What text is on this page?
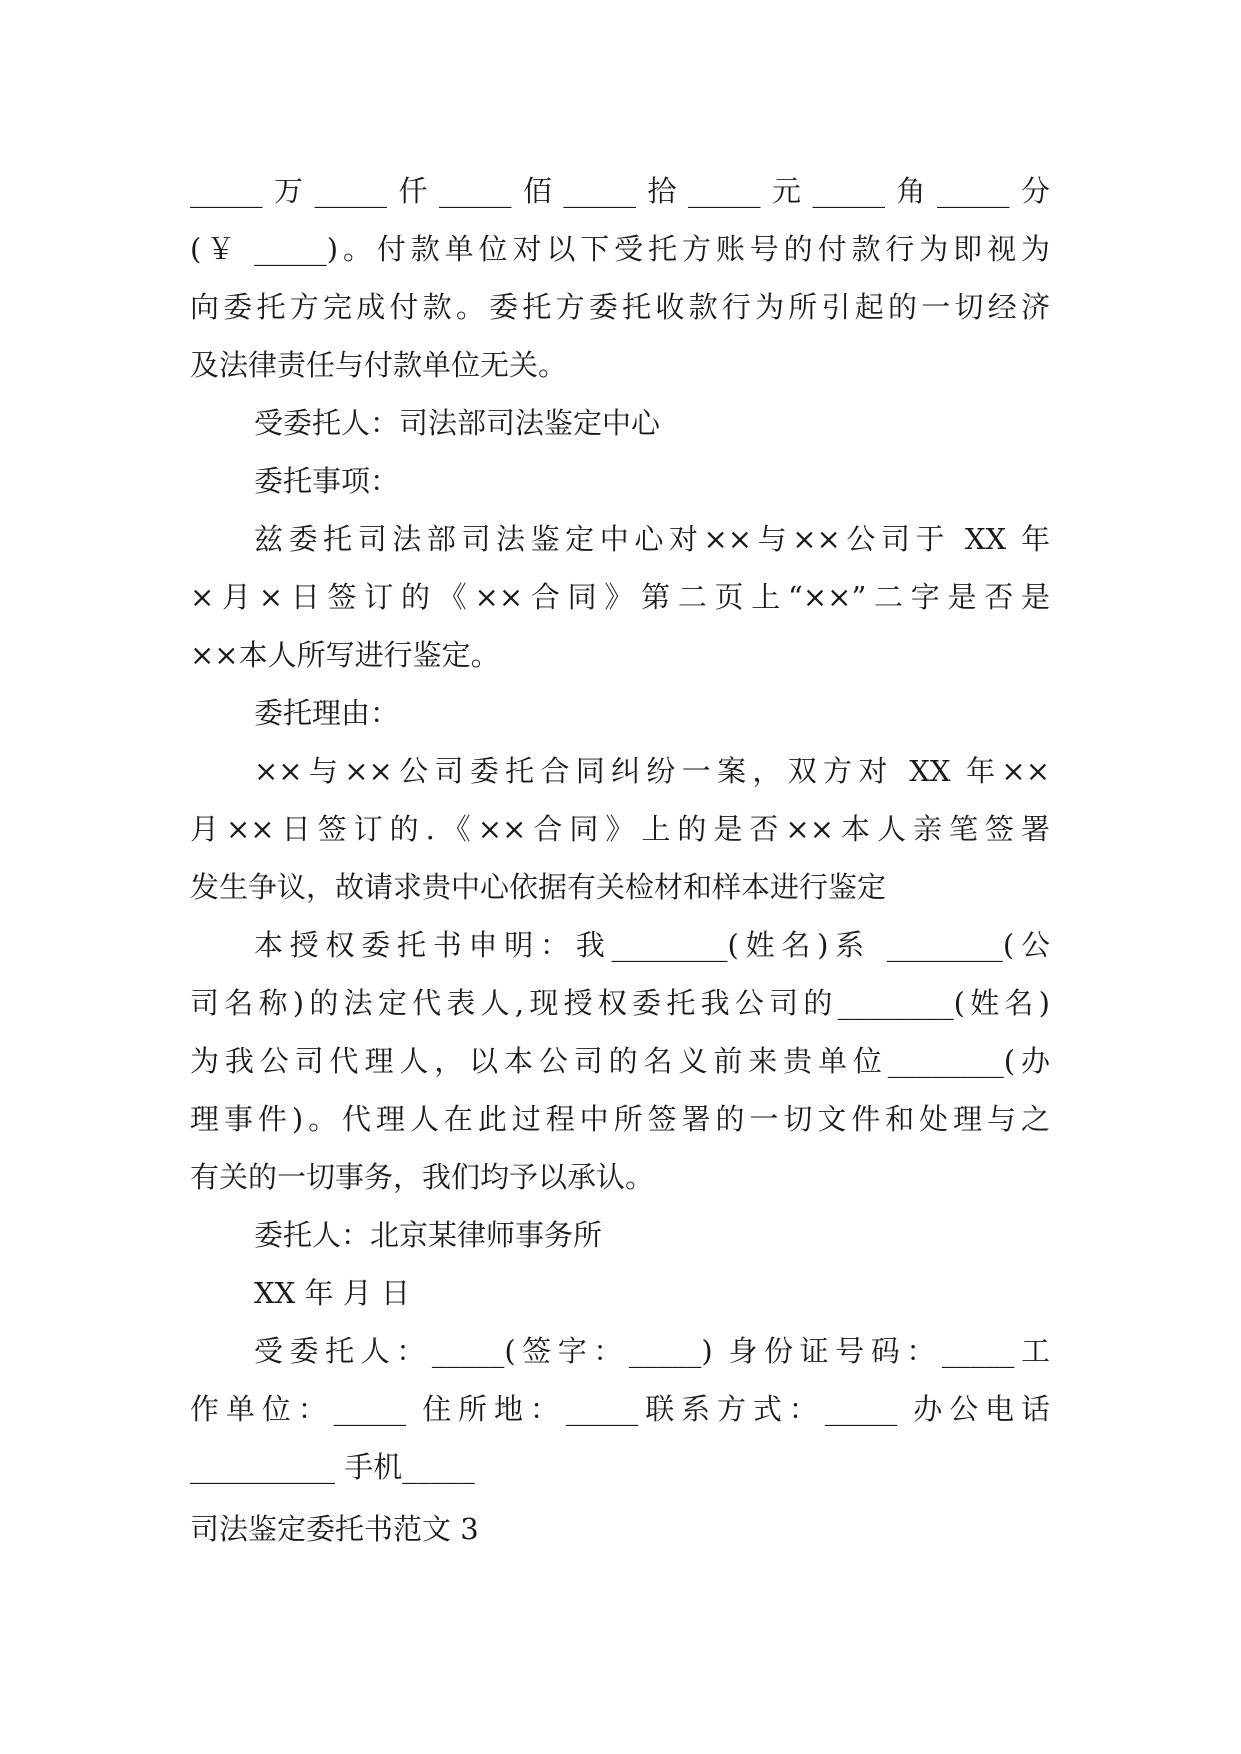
_____万_____仟_____佰_____拾_____元_____角_____分
(￥ _____)。付款单位对以下受托方账号的付款行为即视为
向委托方完成付款。委托方委托收款行为所引起的一切经济
及法律责任与付款单位无关。
受委托人：司法部司法鉴定中心
委托事项：
兹委托司法部司法鉴定中心对××与××公司于 XX 年
×月×日签订的《××合同》第二页上“××”二字是否是
××本人所写进行鉴定。
委托理由：
××与××公司委托合同纠纷一案，双方对 XX 年××
月××日签订的.《××合同》上的是否××本人亲笔签署
发生争议，故请求贵中心依据有关检材和样本进行鉴定
本授权委托书申明：我________(姓名)系 ________(公
司名称)的法定代表人,现授权委托我公司的________(姓名)
为我公司代理人，以本公司的名义前来贵单位________(办
理事件)。代理人在此过程中所签署的一切文件和处理与之
有关的一切事务，我们均予以承认。
委托人：北京某律师事务所
XX 年 月 日
受委托人：_____(签字：_____) 身份证号码：_____工
作单位：_____ 住所地：_____联系方式：_____ 办公电话
__________ 手机_____
司法鉴定委托书范文 3
